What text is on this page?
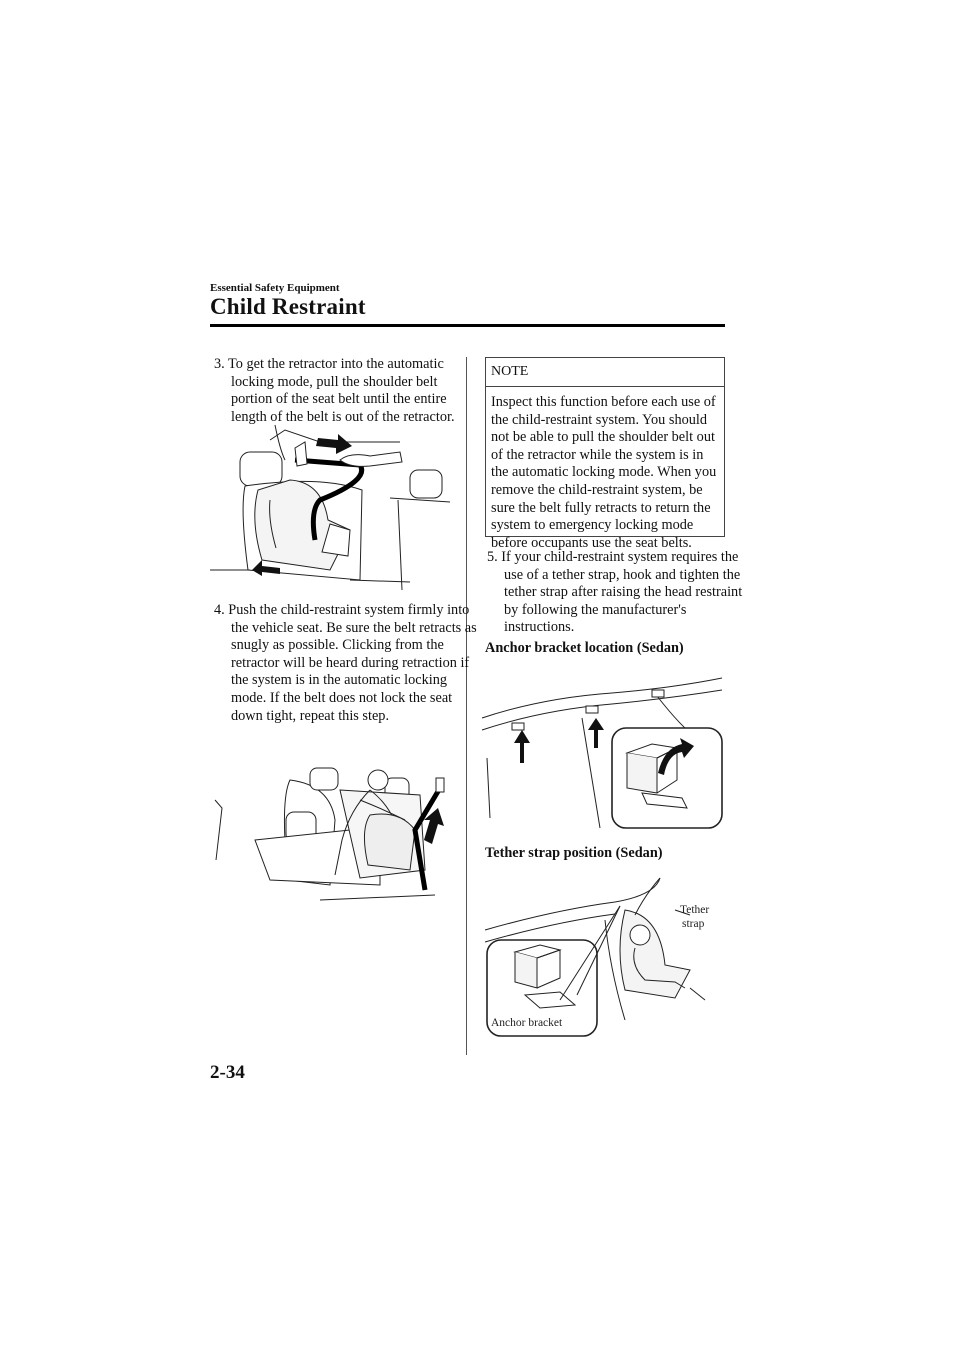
Essential Safety Equipment
Child Restraint
3. To get the retractor into the automatic locking mode, pull the shoulder belt portion of the seat belt until the entire length of the belt is out of the retractor.
4. Push the child-restraint system firmly into the vehicle seat. Be sure the belt retracts as snugly as possible. Clicking from the retractor will be heard during retraction if the system is in the automatic locking mode. If the belt does not lock the seat down tight, repeat this step.
NOTE
Inspect this function before each use of the child-restraint system. You should not be able to pull the shoulder belt out of the retractor while the system is in the automatic locking mode. When you remove the child-restraint system, be sure the belt fully retracts to return the system to emergency locking mode before occupants use the seat belts.
5. If your child-restraint system requires the use of a tether strap, hook and tighten the tether strap after raising the head restraint by following the manufacturer's instructions.
Anchor bracket location (Sedan)
Tether strap position (Sedan)
Tether
strap
Anchor bracket
2-34
